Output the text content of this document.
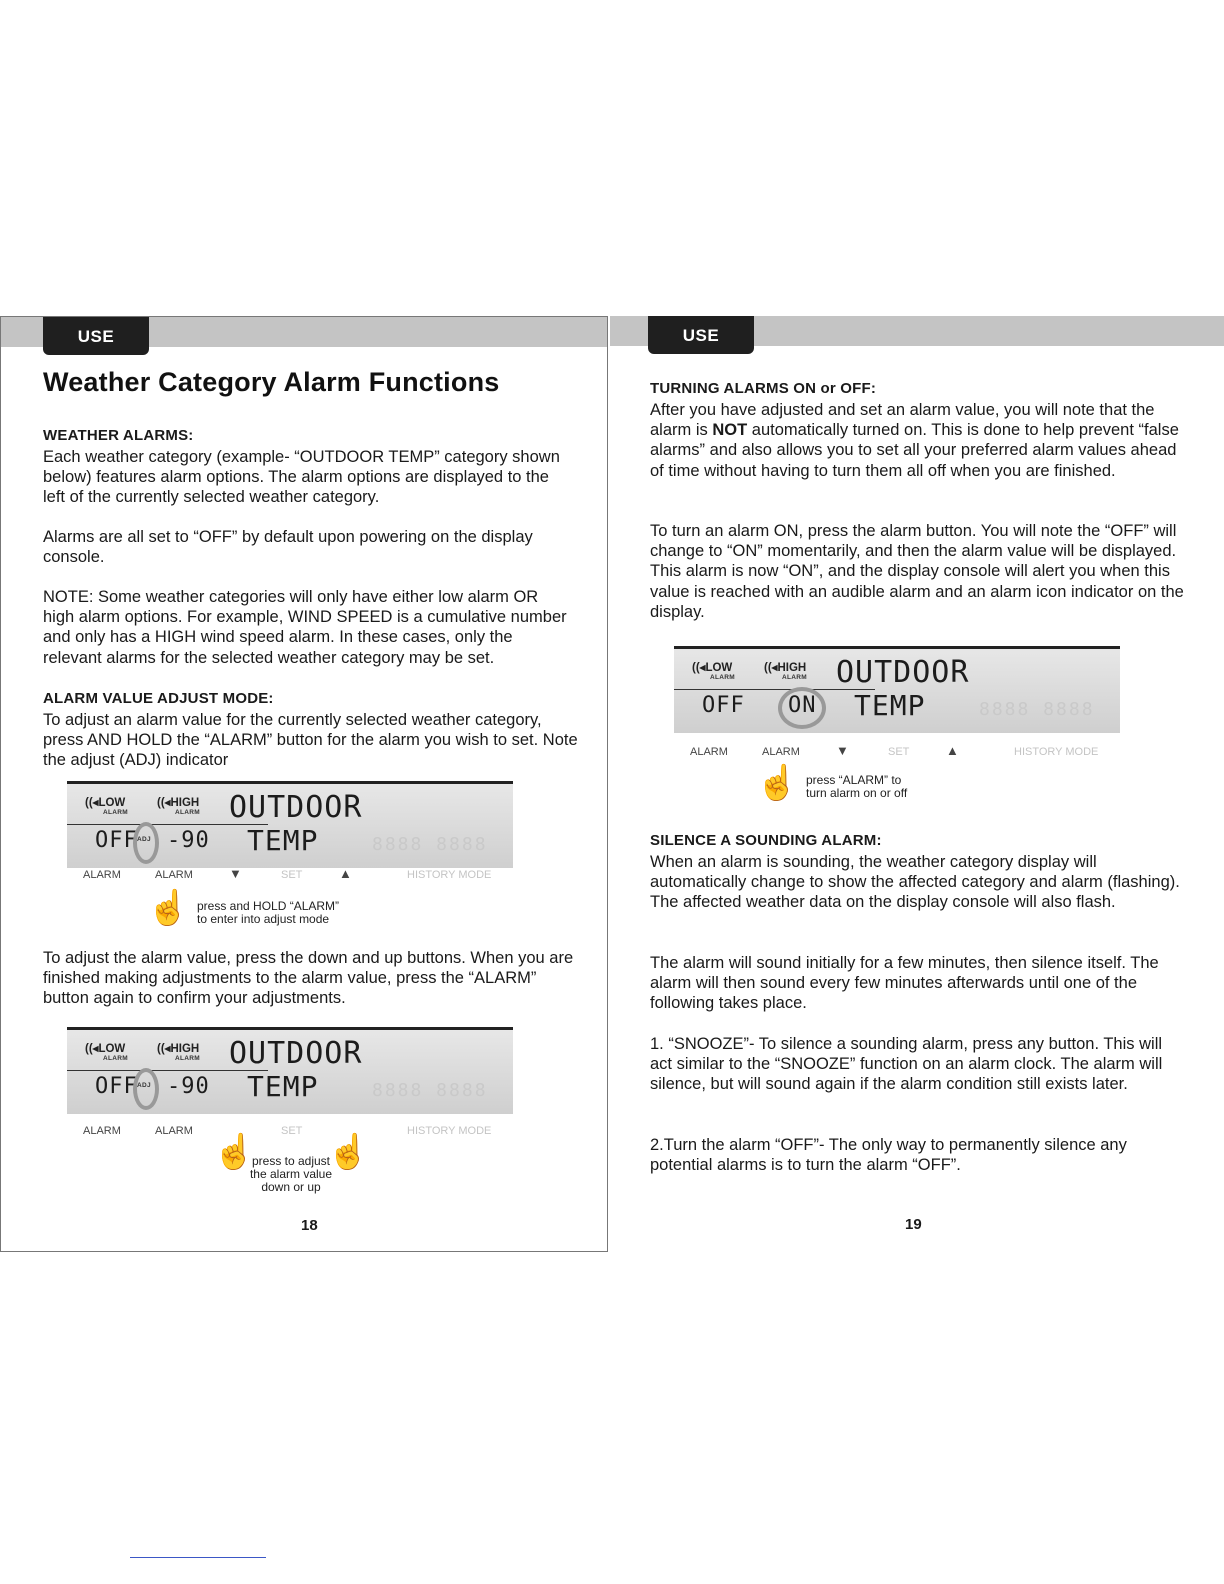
USE
Weather Category Alarm Functions
WEATHER ALARMS:

Each weather category (example- “OUTDOOR TEMP” category shown below) features alarm options. The alarm options are displayed to the left of the currently selected weather category.

Alarms are all set to “OFF” by default upon powering on the display console.

NOTE: Some weather categories will only have either low alarm OR high alarm options. For example, WIND SPEED is a cumulative number and only has a HIGH wind speed alarm. In these cases, only the relevant alarms for the selected weather category may be set.

ALARM VALUE ADJUST MODE:

To adjust an alarm value for the currently selected weather category, press AND HOLD the “ALARM” button for the alarm you wish to set. Note the adjust (ADJ) indicator

((◂LOW
ALARM
((◂HIGH
ALARM OUTDOOR
TEMP
OFF ADJ -90	8888 8888
ALARM	ALARM	▼	SET	▲	HISTORY MODE
☝ press and HOLD “ALARM”
to enter into adjust mode

To adjust the alarm value, press the down and up buttons. When you are finished making adjustments to the alarm value, press the “ALARM” button again to confirm your adjustments.

((◂LOW
ALARM
((◂HIGH
ALARM OUTDOOR
TEMP
OFF ADJ -90	8888 8888
ALARM	ALARM	SET	HISTORY MODE
☝ ☝
press to adjust
the alarm value
down or up
18
USE
TURNING ALARMS ON or OFF:

After you have adjusted and set an alarm value, you will note that the alarm is NOT automatically turned on. This is done to help prevent “false alarms” and also allows you to set all your preferred alarm values ahead of time without having to turn them all off when you are finished.

To turn an alarm ON, press the alarm button. You will note the “OFF” will change to “ON” momentarily, and then the alarm value will be displayed. This alarm is now “ON”, and the display console will alert you when this value is reached with an audible alarm and an alarm icon indicator on the display.

((◂LOW
ALARM
((◂HIGH
ALARM OUTDOOR
TEMP
OFF ON	8888 8888
ALARM	ALARM	▼	SET	▲	HISTORY MODE
☝ press “ALARM” to
turn alarm on or off
SILENCE A SOUNDING ALARM:

When an alarm is sounding, the weather category display will automatically change to show the affected category and alarm (flashing). The affected weather data on the display console will also flash.

The alarm will sound initially for a few minutes, then silence itself. The alarm will then sound every few minutes afterwards until one of the following takes place.

1. “SNOOZE”- To silence a sounding alarm, press any button. This will act similar to the “SNOOZE” function on an alarm clock. The alarm will silence, but will sound again if the alarm condition still exists later.

2.Turn the alarm “OFF”- The only way to permanently silence any potential alarms is to turn the alarm “OFF”.

19
